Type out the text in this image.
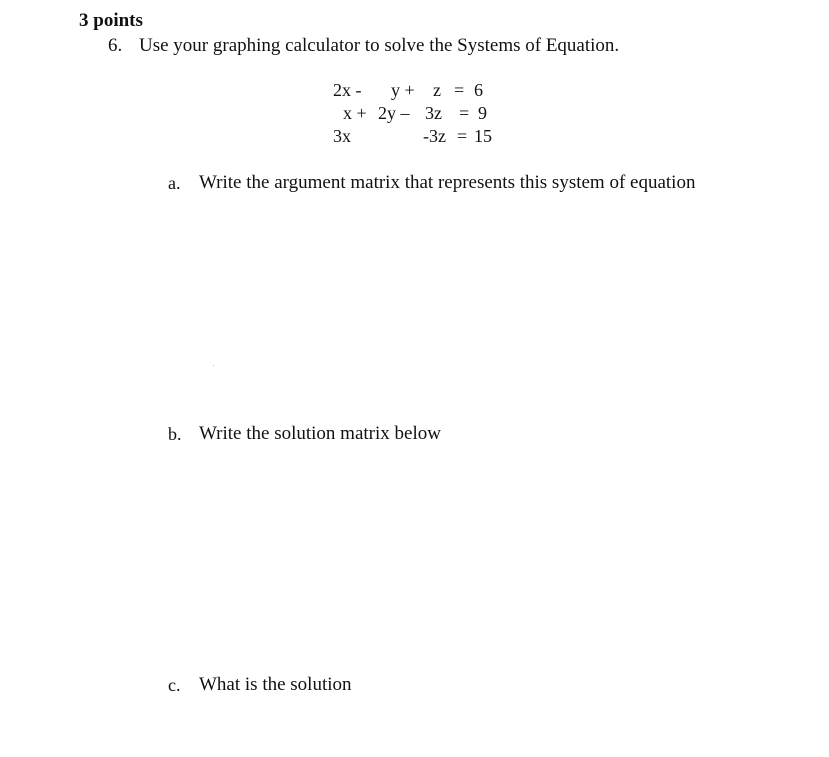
3 points
6. Use your graphing calculator to solve the Systems of Equation.
2x - y + z = 6
x + 2y – 3z = 9
3x	-3z = 15
a. Write the argument matrix that represents this system of equation
b. Write the solution matrix below
c. What is the solution
